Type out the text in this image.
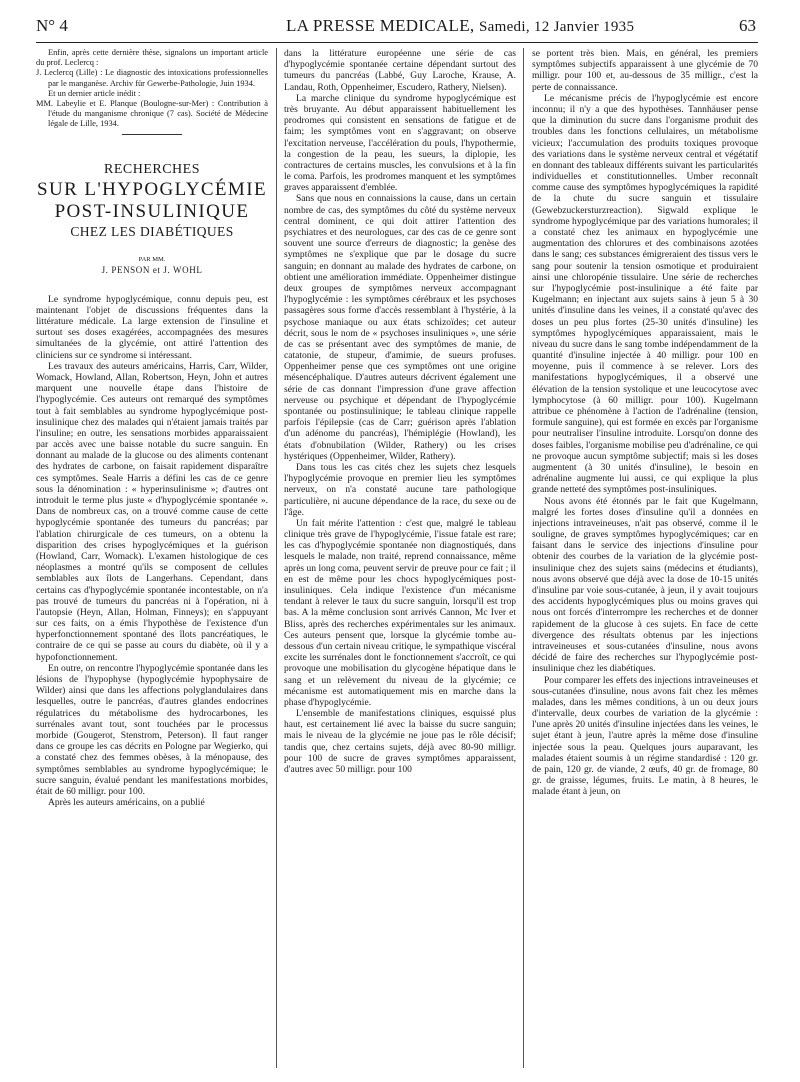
N° 4	LA PRESSE MEDICALE, Samedi, 12 Janvier 1935	63

Enfin, après cette dernière thèse, signalons un important article du prof. Leclercq :

J. Leclercq (Lille) : Le diagnostic des intoxications professionnelles par le manganèse. Archiv für Gewerbe-Pathologie, Juin 1934.

Et un dernier article inédit :

MM. Labeylie et E. Planque (Boulogne-sur-Mer) : Contribution à l'étude du manganisme chronique (7 cas). Société de Médecine légale de Lille, 1934.

RECHERCHES
SUR L'HYPOGLYCÉMIE
POST-INSULINIQUE
CHEZ LES DIABÉTIQUES
PAR MM.
J. PENSON et J. WOHL

Le syndrome hypoglycémique, connu depuis peu, est maintenant l'objet de discussions fréquentes dans la littérature médicale. La large extension de l'insuline et surtout ses doses exagérées, accompagnées des mesures simultanées de la glycémie, ont attiré l'attention des cliniciens sur ce syndrome si intéressant.

Les travaux des auteurs américains, Harris, Carr, Wilder, Womack, Howland, Allan, Robertson, Heyn, John et autres marquent une nouvelle étape dans l'histoire de l'hypoglycémie. Ces auteurs ont remarqué des symptômes tout à fait semblables au syndrome hypoglycémique post-insulinique chez des malades qui n'étaient jamais traités par l'insuline; en outre, les sensations morbides apparaissaient par accès avec une baisse notable du sucre sanguin. En donnant au malade de la glucose ou des aliments contenant des hydrates de carbone, on faisait rapidement disparaître ces symptômes. Seale Harris a défini les cas de ce genre sous la dénomination : « hyperinsulinisme »; d'autres ont introduit le terme plus juste « d'hypoglycémie spontanée ». Dans de nombreux cas, on a trouvé comme cause de cette hypoglycémie spontanée des tumeurs du pancréas; par l'ablation chirurgicale de ces tumeurs, on a obtenu la disparition des crises hypoglycémiques et la guérison (Howland, Carr, Womack). L'examen histologique de ces néoplasmes a montré qu'ils se composent de cellules semblables aux îlots de Langerhans. Cependant, dans certains cas d'hypoglycémie spontanée incontestable, on n'a pas trouvé de tumeurs du pancréas ni à l'opération, ni à l'autopsie (Heyn, Allan, Holman, Finneys); en s'appuyant sur ces faits, on a émis l'hypothèse de l'existence d'un hyperfonctionnement spontané des îlots pancréatiques, le contraire de ce qui se passe au cours du diabète, où il y a hypofonctionnement.

En outre, on rencontre l'hypoglycémie spontanée dans les lésions de l'hypophyse (hypoglycémie hypophysaire de Wilder) ainsi que dans les affections polyglandulaires dans lesquelles, outre le pancréas, d'autres glandes endocrines régulatrices du métabolisme des hydrocarbones, les surrénales avant tout, sont touchées par le processus morbide (Gougerot, Stenstrom, Peterson). Il faut ranger dans ce groupe les cas décrits en Pologne par Wegierko, qui a constaté chez des femmes obèses, à la ménopause, des symptômes semblables au syndrome hypoglycémique; le sucre sanguin, évalué pendant les manifestations morbides, était de 60 milligr. pour 100.

Après les auteurs américains, on a publié

dans la littérature européenne une série de cas d'hypoglycémie spontanée certaine dépendant surtout des tumeurs du pancréas (Labbé, Guy Laroche, Krause, A. Landau, Roth, Oppenheimer, Escudero, Rathery, Nielsen).

La marche clinique du syndrome hypoglycémique est très bruyante. Au début apparaissent habituellement les prodromes qui consistent en sensations de fatigue et de faim; les symptômes vont en s'aggravant; on observe l'excitation nerveuse, l'accélération du pouls, l'hypothermie, la congestion de la peau, les sueurs, la diplopie, les contractures de certains muscles, les convulsions et à la fin le coma. Parfois, les prodromes manquent et les symptômes graves apparaissent d'emblée.

Sans que nous en connaissions la cause, dans un certain nombre de cas, des symptômes du côté du système nerveux central dominent, ce qui doit attirer l'attention des psychiatres et des neurologues, car des cas de ce genre sont souvent une source d'erreurs de diagnostic; la genèse des symptômes ne s'explique que par le dosage du sucre sanguin; en donnant au malade des hydrates de carbone, on obtient une amélioration immédiate. Oppenheimer distingue deux groupes de symptômes nerveux accompagnant l'hypoglycémie : les symptômes cérébraux et les psychoses passagères sous forme d'accès ressemblant à l'hystérie, à la psychose maniaque ou aux états schizoïdes; cet auteur décrit, sous le nom de « psychoses insuliniques », une série de cas se présentant avec des symptômes de manie, de catatonie, de stupeur, d'amimie, de sueurs profuses. Oppenheimer pense que ces symptômes ont une origine mésencéphalique. D'autres auteurs décrivent également une série de cas donnant l'impression d'une grave affection nerveuse ou psychique et dépendant de l'hypoglycémie spontanée ou postinsulinique; le tableau clinique rappelle parfois l'épilepsie (cas de Carr; guérison après l'ablation d'un adénome du pancréas), l'hémiplégie (Howland), les états d'obnubilation (Wilder, Rathery) ou les crises hystériques (Oppenheimer, Wilder, Rathery).

Dans tous les cas cités chez les sujets chez lesquels l'hypoglycémie provoque en premier lieu les symptômes nerveux, on n'a constaté aucune tare pathologique particulière, ni aucune dépendance de la race, du sexe ou de l'âge.

Un fait mérite l'attention : c'est que, malgré le tableau clinique très grave de l'hypoglycémie, l'issue fatale est rare; les cas d'hypoglycémie spontanée non diagnostiqués, dans lesquels le malade, non traité, reprend connaissance, même après un long coma, peuvent servir de preuve pour ce fait ; il en est de même pour les chocs hypoglycémiques post-insuliniques. Cela indique l'existence d'un mécanisme tendant à relever le taux du sucre sanguin, lorsqu'il est trop bas. A la même conclusion sont arrivés Cannon, Mc Iver et Bliss, après des recherches expérimentales sur les animaux. Ces auteurs pensent que, lorsque la glycémie tombe au-dessous d'un certain niveau critique, le sympathique viscéral excite les surrénales dont le fonctionnement s'accroît, ce qui provoque une mobilisation du glycogène hépatique dans le sang et un relèvement du niveau de la glycémie; ce mécanisme est automatiquement mis en marche dans la phase d'hypoglycémie.

L'ensemble de manifestations cliniques, esquissé plus haut, est certainement lié avec la baisse du sucre sanguin; mais le niveau de la glycémie ne joue pas le rôle décisif; tandis que, chez certains sujets, déjà avec 80-90 milligr. pour 100 de sucre de graves symptômes apparaissent, d'autres avec 50 milligr. pour 100

se portent très bien. Mais, en général, les premiers symptômes subjectifs apparaissent à une glycémie de 70 milligr. pour 100 et, au-dessous de 35 milligr., c'est la perte de connaissance.

Le mécanisme précis de l'hypoglycémie est encore inconnu; il n'y a que des hypothèses. Tannhäuser pense que la diminution du sucre dans l'organisme produit des troubles dans les fonctions cellulaires, un métabolisme vicieux; l'accumulation des produits toxiques provoque des variations dans le système nerveux central et végétatif en donnant des tableaux différents suivant les particularités individuelles et constitutionnelles. Umber reconnaît comme cause des symptômes hypoglycémiques la rapidité de la chute du sucre sanguin et tissulaire (Gewebzuckersturzreaction). Sigwald explique le syndrome hypoglycémique par des variations humorales; il a constaté chez les animaux en hypoglycémie une augmentation des chlorures et des combinaisons azotées dans le sang; ces substances émigreraient des tissus vers le sang pour soutenir la tension osmotique et produiraient ainsi une chloropénie tissulaire. Une série de recherches sur l'hypoglycémie post-insulinique a été faite par Kugelmann; en injectant aux sujets sains à jeun 5 à 30 unités d'insuline dans les veines, il a constaté qu'avec des doses un peu plus fortes (25-30 unités d'insuline) les symptômes hypoglycémiques apparaissaient, mais le niveau du sucre dans le sang tombe indépendamment de la quantité d'insuline injectée à 40 milligr. pour 100 en moyenne, puis il commence à se relever. Lors des manifestations hypoglycémiques, il a observé une élévation de la tension systolique et une leucocytose avec lymphocytose (à 60 milligr. pour 100). Kugelmann attribue ce phénomène à l'action de l'adrénaline (tension, formule sanguine), qui est formée en excès par l'organisme pour neutraliser l'insuline introduite. Lorsqu'on donne des doses faibles, l'organisme mobilise peu d'adrénaline, ce qui ne provoque aucun symptôme subjectif; mais si les doses augmentent (à 30 unités d'insuline), le besoin en adrénaline augmente lui aussi, ce qui explique la plus grande netteté des symptômes post-insuliniques.

Nous avons été étonnés par le fait que Kugelmann, malgré les fortes doses d'insuline qu'il a données en injections intraveineuses, n'ait pas observé, comme il le souligne, de graves symptômes hypoglycémiques; car en faisant dans le service des injections d'insuline pour obtenir des courbes de la variation de la glycémie post-insulinique chez des sujets sains (médecins et étudiants), nous avons observé que déjà avec la dose de 10-15 unités d'insuline par voie sous-cutanée, à jeun, il y avait toujours des accidents hypoglycémiques plus ou moins graves qui nous ont forcés d'interrompre les recherches et de donner rapidement de la glucose à ces sujets. En face de cette divergence des résultats obtenus par les injections intraveineuses et sous-cutanées d'insuline, nous avons décidé de faire des recherches sur l'hypoglycémie post-insulinique chez les diabétiques.

Pour comparer les effets des injections intraveineuses et sous-cutanées d'insuline, nous avons fait chez les mêmes malades, dans les mêmes conditions, à un ou deux jours d'intervalle, deux courbes de variation de la glycémie : l'une après 20 unités d'insuline injectées dans les veines, le sujet étant à jeun, l'autre après la même dose d'insuline injectée sous la peau. Quelques jours auparavant, les malades étaient soumis à un régime standardisé : 120 gr. de pain, 120 gr. de viande, 2 œufs, 40 gr. de fromage, 80 gr. de graisse, légumes, fruits. Le matin, à 8 heures, le malade étant à jeun, on
